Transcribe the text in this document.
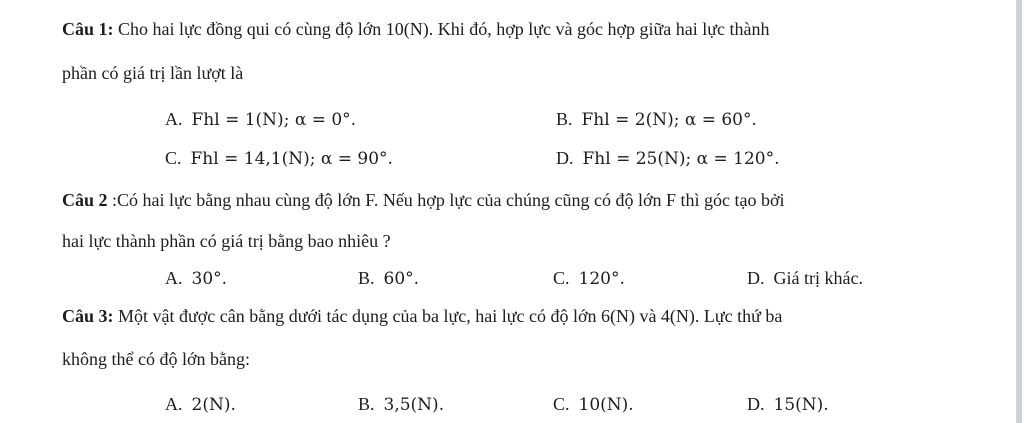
Câu 1: Cho hai lực đồng qui có cùng độ lớn 10(N). Khi đó, hợp lực và góc hợp giữa hai lực thành
phần có giá trị lần lượt là
A. Fhl = 1(N); α = 0°.	B. Fhl = 2(N); α = 60°.
C. Fhl = 14,1(N); α = 90°.	D. Fhl = 25(N); α = 120°.
Câu 2 :Có hai lực bằng nhau cùng độ lớn F. Nếu hợp lực của chúng cũng có độ lớn F thì góc tạo bởi
hai lực thành phần có giá trị bằng bao nhiêu ?
A. 30°.	B. 60°.	C. 120°.	D. Giá trị khác.
Câu 3: Một vật được cân bằng dưới tác dụng của ba lực, hai lực có độ lớn 6(N) và 4(N). Lực thứ ba
không thể có độ lớn bằng:
A. 2(N).	B. 3,5(N).	C. 10(N).	D. 15(N).
